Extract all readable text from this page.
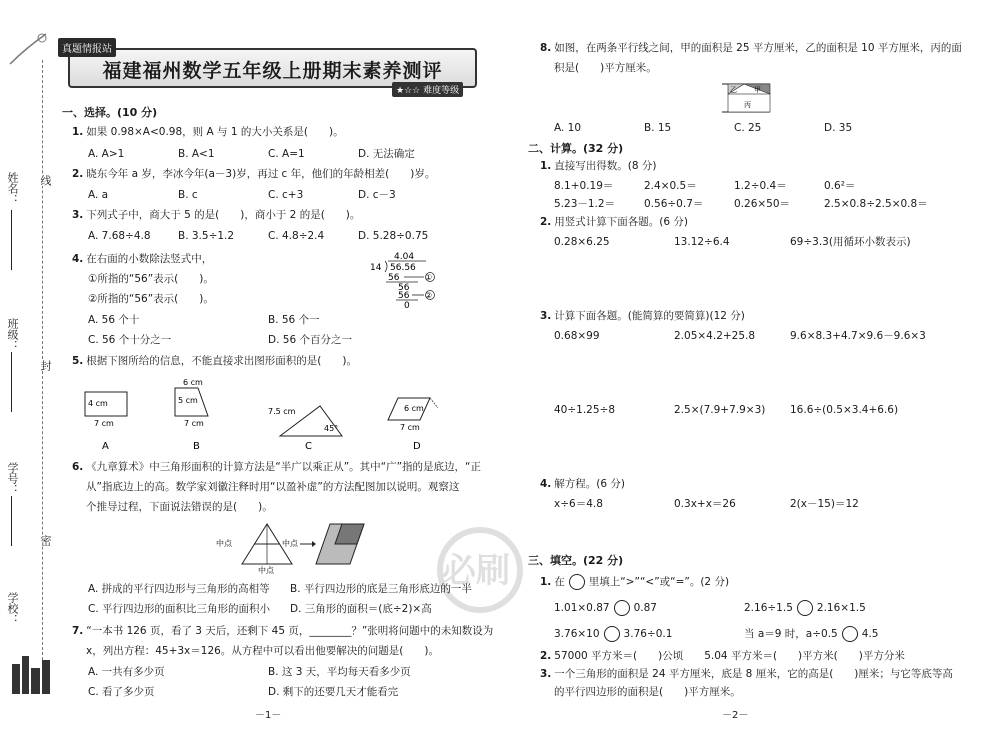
姓名：
班级：
学号：
学校：
线
封
密
福建福州数学五年级上册期末素养测评
真题情报站
★☆☆ 难度等级
一、选择。(10 分)
1. 如果 0.98×A<0.98，则 A 与 1 的大小关系是(　　)。
A. A>1	B. A<1	C. A=1	D. 无法确定
2. 晓东今年 a 岁，李冰今年(a－3)岁，再过 c 年，他们的年龄相差(　　)岁。
A. a	B. c	C. c+3	D. c－3
3. 下列式子中，商大于 5 的是(　　)，商小于 2 的是(　　)。
A. 7.68÷4.8	B. 3.5÷1.2	C. 4.8÷2.4	D. 5.28÷0.75
4. 在右面的小数除法竖式中，
①所指的“56”表示(　　)。
②所指的“56”表示(　　)。
A. 56 个十	B. 56 个一
C. 56 个十分之一	D. 56 个百分之一
4.04
14 56.56
56	①
56
56 ②
0
5. 根据下图所给的信息，不能直接求出图形面积的是(　　)。
4 cm
7 cm
A
6 cm
5 cm
7 cm
B
7.5 cm
45°
C
6 cm
7 cm
D
6. 《九章算术》中三角形面积的计算方法是“半广以乘正从”。其中“广”指的是底边，“正
从”指底边上的高。数学家刘徽注释时用“以盈补虚”的方法配图加以说明。观察这
个推导过程，下面说法错误的是(　　)。
中点	中点
中点
A. 拼成的平行四边形与三角形的高相等 B. 平行四边形的底是三角形底边的一半
C. 平行四边形的面积比三角形的面积小 D. 三角形的面积＝(底÷2)×高
7. “一本书 126 页，看了 3 天后，还剩下 45 页，________？”张明将问题中的未知数设为
x，列出方程：45+3x＝126。从方程中可以看出他要解决的问题是(　　)。
A. 一共有多少页	B. 这 3 天，平均每天看多少页
C. 看了多少页	D. 剩下的还要几天才能看完
－1－
8. 如图，在两条平行线之间，甲的面积是 25 平方厘米，乙的面积是 10 平方厘米，丙的面
积是(　　)平方厘米。
甲
乙
丙
A. 10	B. 15	C. 25	D. 35
二、计算。(32 分)
1. 直接写出得数。(8 分)
8.1+0.19＝	2.4×0.5＝	1.2÷0.4＝	0.6²＝
5.23－1.2＝	0.56÷0.7＝	0.26×50＝	2.5×0.8÷2.5×0.8＝
2. 用竖式计算下面各题。(6 分)
0.28×6.25	13.12÷6.4	69÷3.3(用循环小数表示)
3. 计算下面各题。(能简算的要简算)(12 分)
0.68×99	2.05×4.2+25.8	9.6×8.3+4.7×9.6－9.6×3
40÷1.25÷8	2.5×(7.9+7.9×3) 16.6÷(0.5×3.4+6.6)
4. 解方程。(6 分)
x÷6＝4.8	0.3x+x＝26	2(x－15)＝12
必刷 三、填空。(22 分)
1. 在 里填上“>”“<”或“=”。(2 分)
1.01×0.87 0.87	2.16÷1.5 2.16×1.5
3.76×10 3.76÷0.1	当 a＝9 时，a÷0.5 4.5
2. 57000 平方米＝(　　)公顷　　5.04 平方米＝(　　)平方米(　　)平方分米
3. 一个三角形的面积是 24 平方厘米，底是 8 厘米，它的高是(　　)厘米；与它等底等高
的平行四边形的面积是(　　)平方厘米。
－2－
